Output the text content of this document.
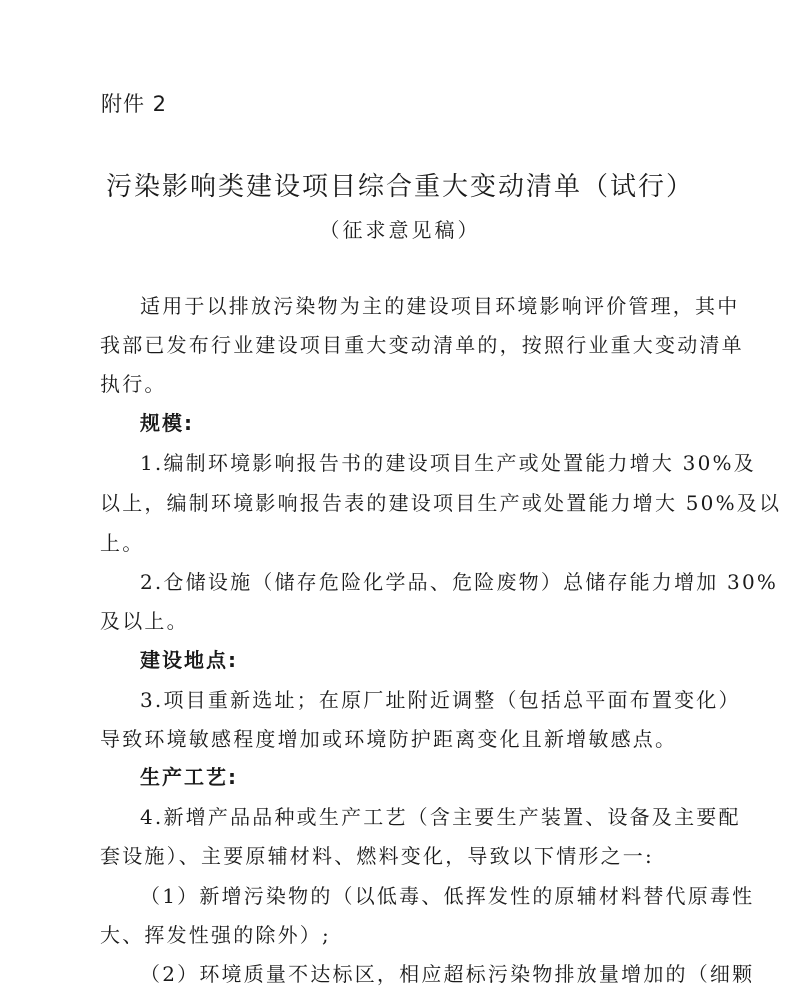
附件 2
污染影响类建设项目综合重大变动清单（试行）
（征求意见稿）
适用于以排放污染物为主的建设项目环境影响评价管理，其中
我部已发布行业建设项目重大变动清单的，按照行业重大变动清单
执行。
规模:
1.编制环境影响报告书的建设项目生产或处置能力增大 30%及
以上，编制环境影响报告表的建设项目生产或处置能力增大 50%及以
上。
2.仓储设施（储存危险化学品、危险废物）总储存能力增加 30%
及以上。
建设地点:
3.项目重新选址；在原厂址附近调整（包括总平面布置变化）
导致环境敏感程度增加或环境防护距离变化且新增敏感点。
生产工艺:
4.新增产品品种或生产工艺（含主要生产装置、设备及主要配
套设施）、主要原辅材料、燃料变化，导致以下情形之一:
（1）新增污染物的（以低毒、低挥发性的原辅材料替代原毒性
大、挥发性强的除外）;
（2）环境质量不达标区，相应超标污染物排放量增加的（细颗
